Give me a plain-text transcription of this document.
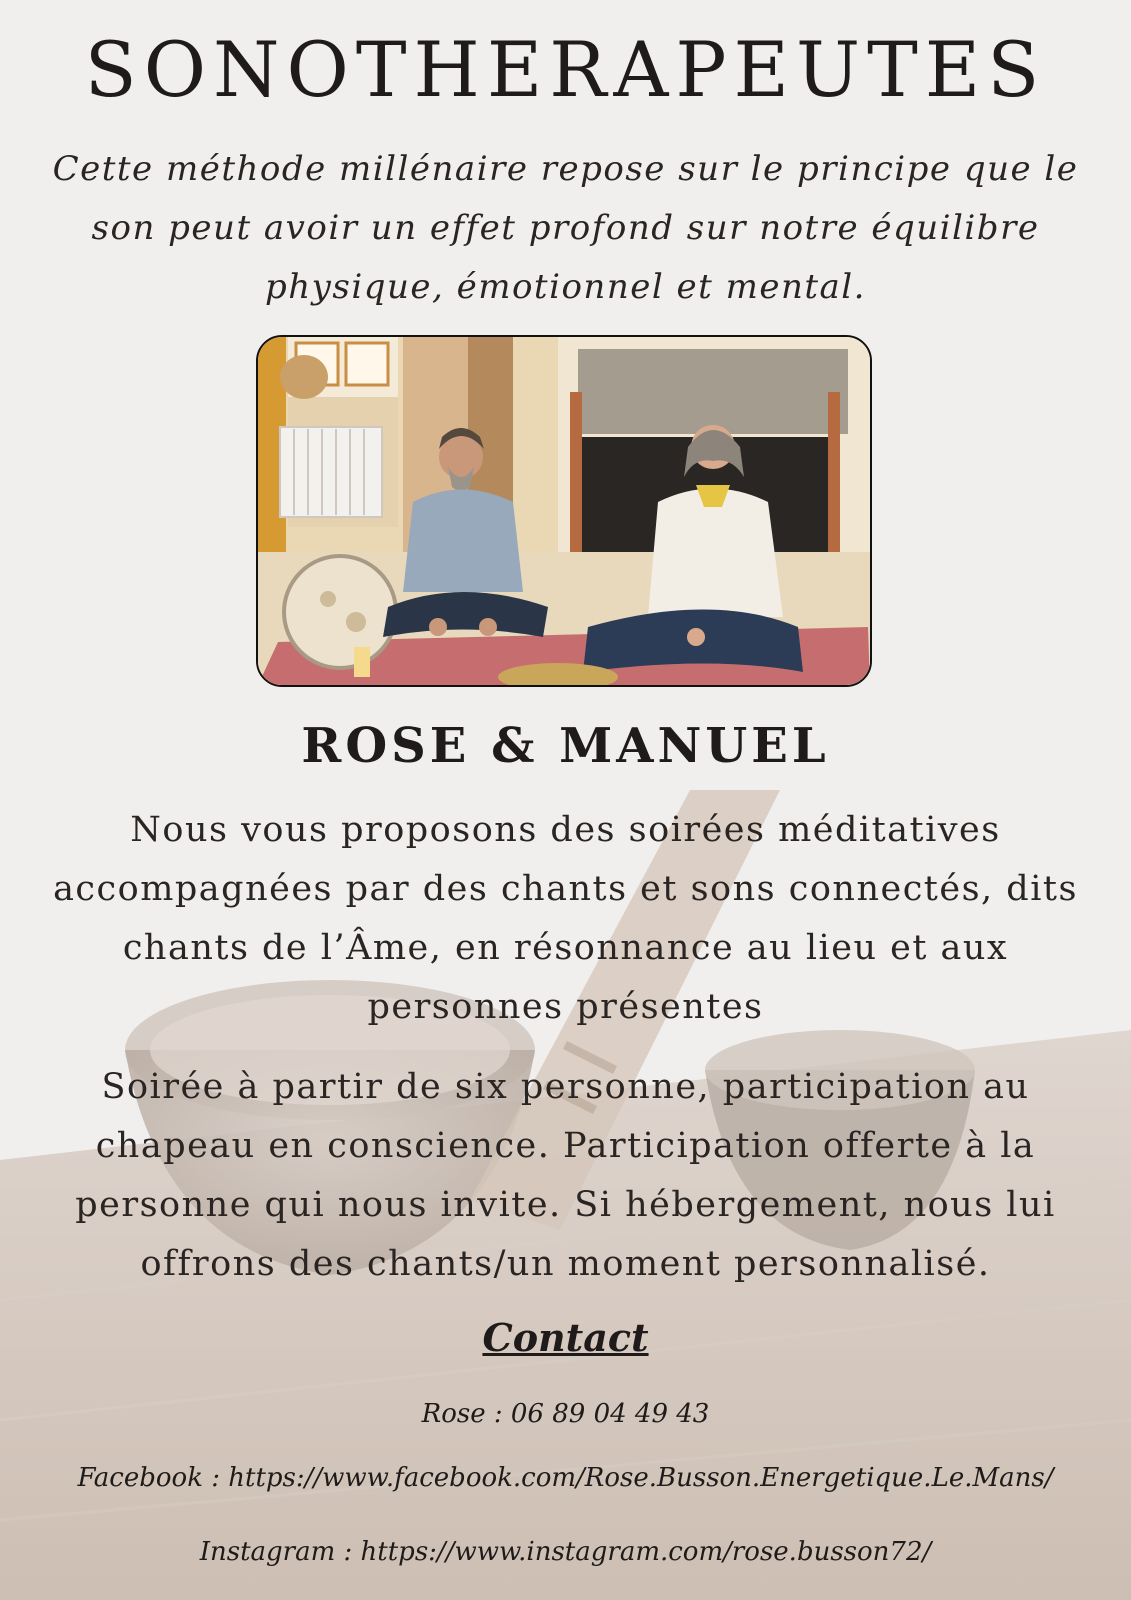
SONOTHERAPEUTES

Cette méthode millénaire repose sur le principe que le son peut avoir un effet profond sur notre équilibre physique, émotionnel et mental.

ROSE & MANUEL

Nous vous proposons des soirées méditatives accompagnées par des chants et sons connectés, dits chants de l’Âme, en résonnance au lieu et aux personnes présentes

Soirée à partir de six personne, participation au chapeau en conscience. Participation offerte à la personne qui nous invite. Si hébergement, nous lui offrons des chants/un moment personnalisé.

Contact

Rose : 06 89 04 49 43

Facebook : https://www.facebook.com/Rose.Busson.Energetique.Le.Mans/

Instagram : https://www.instagram.com/rose.busson72/
